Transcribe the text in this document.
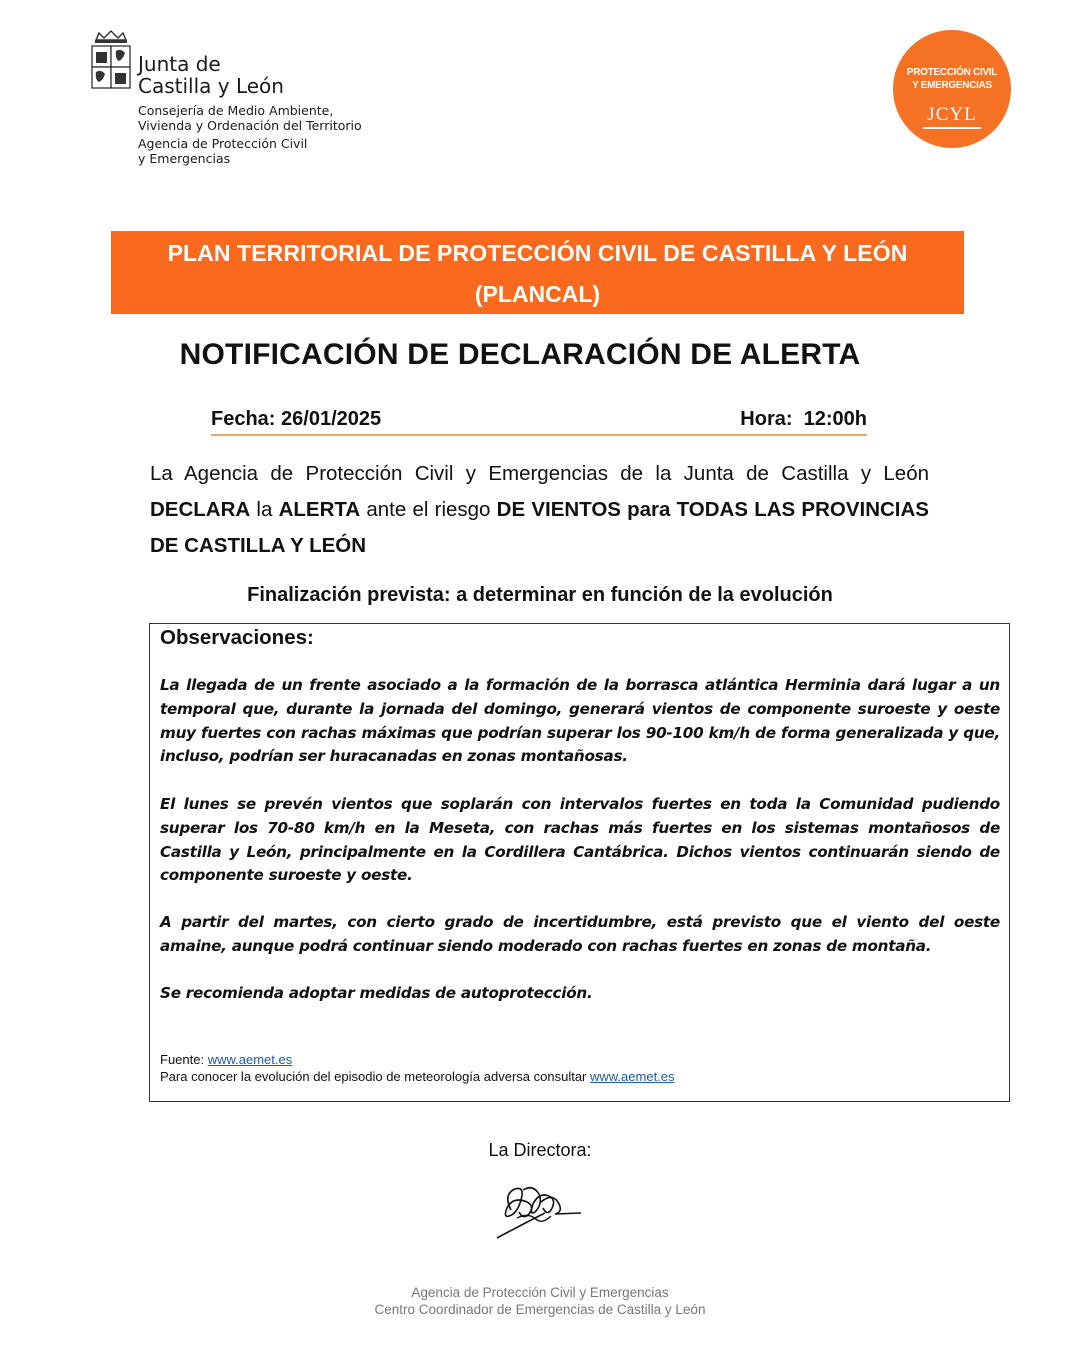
Junta de
Castilla y León
Consejería de Medio Ambiente,
Vivienda y Ordenación del Territorio
Agencia de Protección Civil
y Emergencias
PROTECCIÓN CIVIL
Y EMERGENCIAS
JCYL
PLAN TERRITORIAL DE PROTECCIÓN CIVIL DE CASTILLA Y LEÓN
(PLANCAL)
NOTIFICACIÓN DE DECLARACIÓN DE ALERTA
Fecha: 26/01/2025	Hora:  12:00h
La Agencia de Protección Civil y Emergencias de la Junta de Castilla y León DECLARA la ALERTA ante el riesgo DE VIENTOS para TODAS LAS PROVINCIAS DE CASTILLA Y LEÓN
Finalización prevista: a determinar en función de la evolución
Observaciones:
La llegada de un frente asociado a la formación de la borrasca atlántica Herminia dará lugar a un temporal que, durante la jornada del domingo, generará vientos de componente suroeste y oeste muy fuertes con rachas máximas que podrían superar los 90-100 km/h de forma generalizada y que, incluso, podrían ser huracanadas en zonas montañosas.
El lunes se prevén vientos que soplarán con intervalos fuertes en toda la Comunidad pudiendo superar los 70-80 km/h en la Meseta, con rachas más fuertes en los sistemas montañosos de Castilla y León, principalmente en la Cordillera Cantábrica. Dichos vientos continuarán siendo de componente suroeste y oeste.
A partir del martes, con cierto grado de incertidumbre, está previsto que el viento del oeste amaine, aunque podrá continuar siendo moderado con rachas fuertes en zonas de montaña.
Se recomienda adoptar medidas de autoprotección.
Fuente: www.aemet.es
Para conocer la evolución del episodio de meteorología adversa consultar www.aemet.es
La Directora:
Agencia de Protección Civil y Emergencias
Centro Coordinador de Emergencias de Castilla y León
